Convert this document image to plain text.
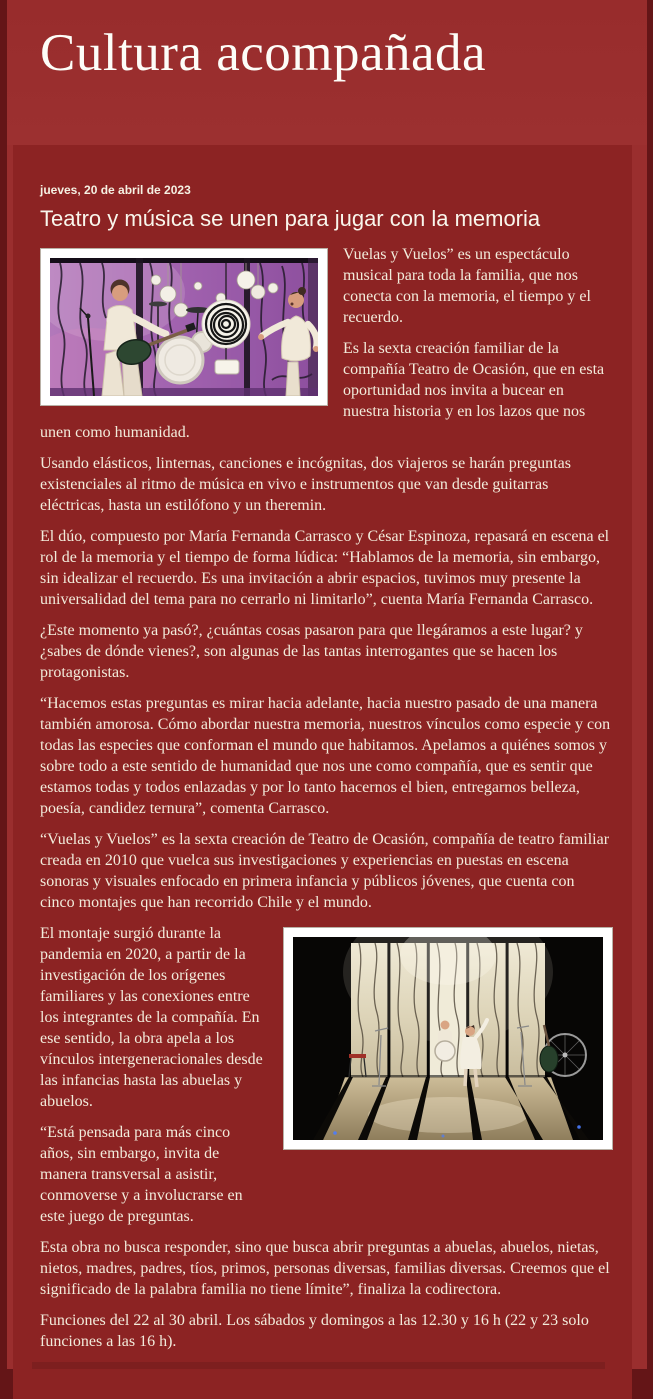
Cultura acompañada
jueves, 20 de abril de 2023
Teatro y música se unen para jugar con la memoria

Vuelas y Vuelos” es un espectáculo musical para toda la familia, que nos conecta con la memoria, el tiempo y el recuerdo.

Es la sexta creación familiar de la compañía Teatro de Ocasión, que en esta oportunidad nos invita a bucear en nuestra historia y en los lazos que nos unen como humanidad.

Usando elásticos, linternas, canciones e incógnitas, dos viajeros se harán preguntas existenciales al ritmo de música en vivo e instrumentos que van desde guitarras eléctricas, hasta un estilófono y un theremin.

El dúo, compuesto por María Fernanda Carrasco y César Espinoza, repasará en escena el rol de la memoria y el tiempo de forma lúdica: “Hablamos de la memoria, sin embargo, sin idealizar el recuerdo. Es una invitación a abrir espacios, tuvimos muy presente la universalidad del tema para no cerrarlo ni limitarlo”, cuenta María Fernanda Carrasco.

¿Este momento ya pasó?, ¿cuántas cosas pasaron para que llegáramos a este lugar? y ¿sabes de dónde vienes?, son algunas de las tantas interrogantes que se hacen los protagonistas.

“Hacemos estas preguntas es mirar hacia adelante, hacia nuestro pasado de una manera también amorosa. Cómo abordar nuestra memoria, nuestros vínculos como especie y con todas las especies que conforman el mundo que habitamos. Apelamos a quiénes somos y sobre todo a este sentido de humanidad que nos une como compañía, que es sentir que estamos todas y todos enlazadas y por lo tanto hacernos el bien, entregarnos belleza, poesía, candidez ternura”, comenta Carrasco.

“Vuelas y Vuelos” es la sexta creación de Teatro de Ocasión, compañía de teatro familiar creada en 2010 que vuelca sus investigaciones y experiencias en puestas en escena sonoras y visuales enfocado en primera infancia y públicos jóvenes, que cuenta con cinco montajes que han recorrido Chile y el mundo.

El montaje surgió durante la pandemia en 2020, a partir de la investigación de los orígenes familiares y las conexiones entre los integrantes de la compañía. En ese sentido, la obra apela a los vínculos intergeneracionales desde las infancias hasta las abuelas y abuelos.

“Está pensada para más cinco años, sin embargo, invita de manera transversal a asistir, conmoverse y a involucrarse en este juego de preguntas.

Esta obra no busca responder, sino que busca abrir preguntas a abuelas, abuelos, nietas, nietos, madres, padres, tíos, primos, personas diversas, familias diversas. Creemos que el significado de la palabra familia no tiene límite”, finaliza la codirectora.

Funciones del 22 al 30 abril. Los sábados y domingos a las 12.30 y 16 h (22 y 23 solo funciones a las 16 h).
